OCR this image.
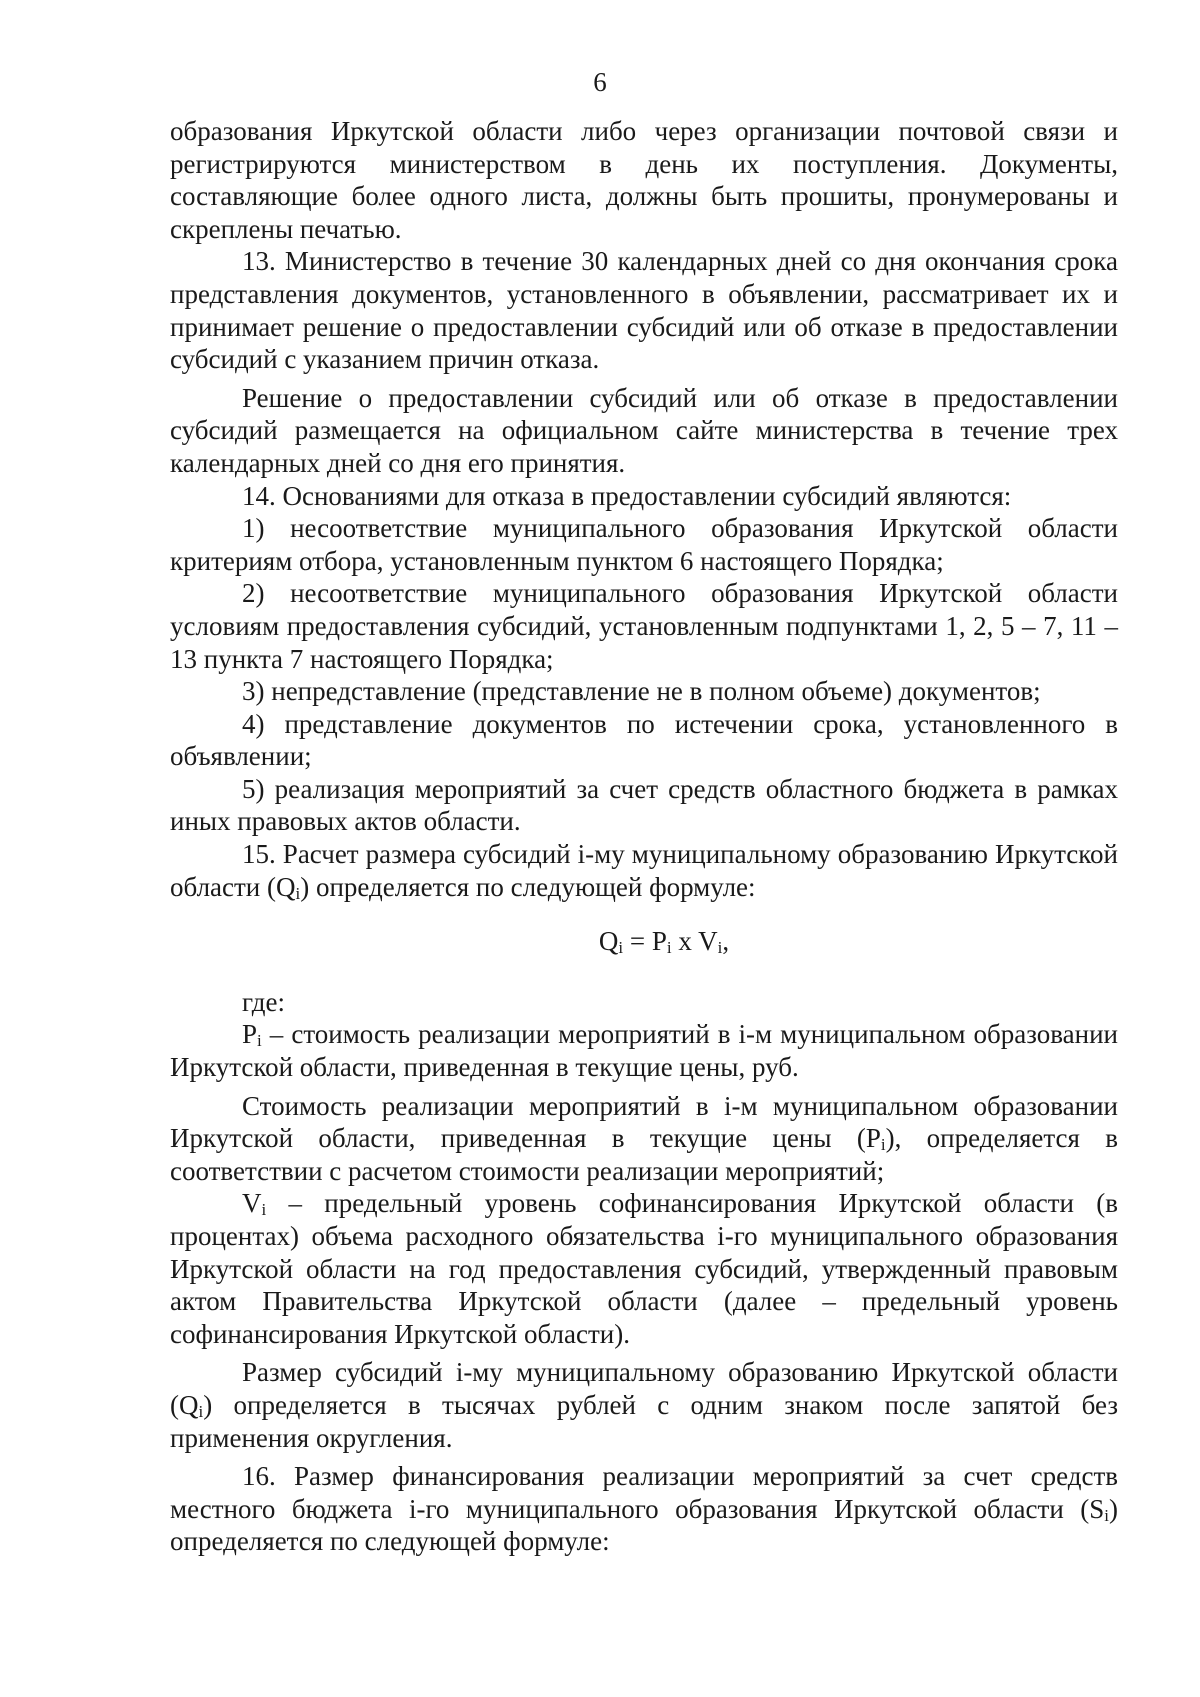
6

образования Иркутской области либо через организации почтовой связи и регистрируются министерством в день их поступления. Документы, составляющие более одного листа, должны быть прошиты, пронумерованы и скреплены печатью.

13. Министерство в течение 30 календарных дней со дня окончания срока представления документов, установленного в объявлении, рассматривает их и принимает решение о предоставлении субсидий или об отказе в предоставлении субсидий с указанием причин отказа.

Решение о предоставлении субсидий или об отказе в предоставлении субсидий размещается на официальном сайте министерства в течение трех календарных дней со дня его принятия.

14. Основаниями для отказа в предоставлении субсидий являются:

1) несоответствие муниципального образования Иркутской области критериям отбора, установленным пунктом 6 настоящего Порядка;

2) несоответствие муниципального образования Иркутской области условиям предоставления субсидий, установленным подпунктами 1, 2, 5 – 7, 11 – 13 пункта 7 настоящего Порядка;

3) непредставление (представление не в полном объеме) документов;

4) представление документов по истечении срока, установленного в объявлении;

5) реализация мероприятий за счет средств областного бюджета в рамках иных правовых актов области.

15. Расчет размера субсидий i-му муниципальному образованию Иркутской области $(Q_i)$ определяется по следующей формуле:

$Q_i = P_i$ x $V_i$,

где:

$P_i$ – стоимость реализации мероприятий в i-м муниципальном образовании Иркутской области, приведенная в текущие цены, руб.

Стоимость реализации мероприятий в i-м муниципальном образовании Иркутской области, приведенная в текущие цены $(P_i)$, определяется в соответствии с расчетом стоимости реализации мероприятий;

$V_i$ – предельный уровень софинансирования Иркутской области (в процентах) объема расходного обязательства i-го муниципального образования Иркутской области на год предоставления субсидий, утвержденный правовым актом Правительства Иркутской области (далее – предельный уровень софинансирования Иркутской области).

Размер субсидий i-му муниципальному образованию Иркутской области $(Q_i)$ определяется в тысячах рублей с одним знаком после запятой без применения округления.

16. Размер финансирования реализации мероприятий за счет средств местного бюджета i-го муниципального образования Иркутской области $(S_i)$ определяется по следующей формуле:
